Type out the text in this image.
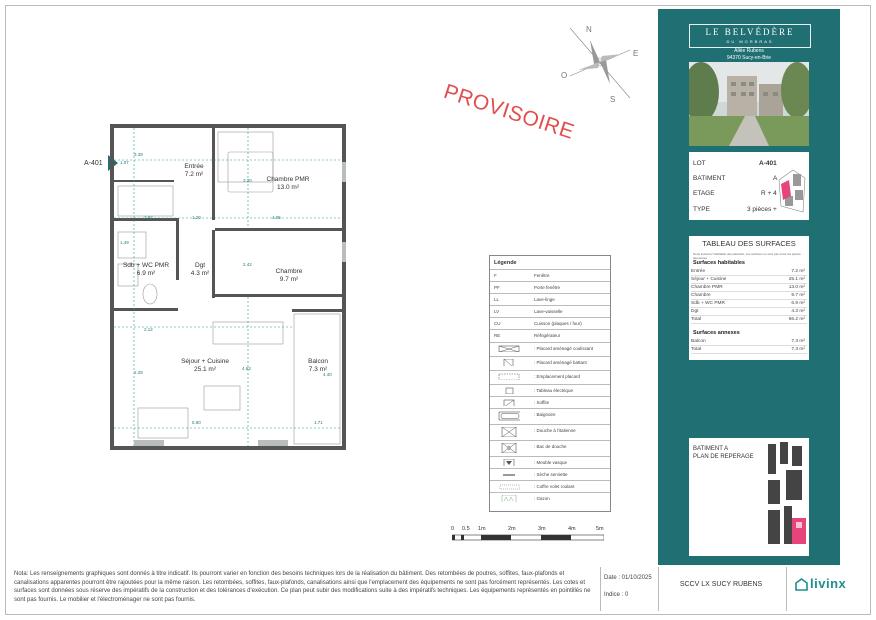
PROVISOIRE
N
E
S
O
A-401	Entrée
7.2 m²
Chambre PMR
13.0 m²
Sdb + WC PMR
6.9 m²
Dgt
4.3 m²	Chambre
9.7 m²
Séjour + Cuisine
25.1 m²
Balcon
7.3 m²
3.39
1.20	4.05
2.82
2.12
5.80	1.71
3.20
2.42
4.63
4.40
1.07
1.49
2.28
Légende
F	Fenêtre
PF	Porte fenêtre
LL	Lave-linge
LV	Lave-vaisselle
CU	Cuisson (plaques / four)
RE	Réfrigérateur
: Placard aménagé coulissant
: Placard aménagé battant
: Emplacement placard
: Tableau électrique
: Soffite
: Baignoire
: Douche à l'italienne
: Bac de douche
: Meuble vasque
: Sèche serviette
: Coffre volet roulant
: Gazon
0 0.5 1m	2m	3m	4m	5m
LE BELVÉDÈRE
DU MORBRAS
Allée Rubens
94370 Sucy-en-Brie
LOT	A-401
BATIMENT	A
ETAGE	R + 4
TYPE	3 pièces +
TABLEAU DES SURFACES
Nous incluons l'habitable des placards, ces surfaces ne sont pas entre les pièces attenantes
Surfaces habitables
Entrée	7.2 m²
Séjour + Cuisine	25.1 m²
Chambre PMR	13.0 m²
Chambre	9.7 m²
Sdb + WC PMR	6.9 m²
Dgt	4.3 m²
Total	66.2 m²
Surfaces annexes
Balcon	7.3 m²
Total	7.3 m²
BATIMENT A
PLAN DE REPERAGE
Nota: Les renseignements graphiques sont donnés à titre indicatif. Ils pourront varier en fonction des besoins techniques lors de la réalisation du bâtiment. Des retombées de poutres, soffites, faux-plafonds et canalisations apparentes pourront être rajoutées pour la même raison. Les retombées, soffites, faux-plafonds, canalisations ainsi que l'emplacement des équipements ne sont pas forcément représentés. Les cotes et surfaces sont données sous réserve des impératifs de la construction et des tolérances d'exécution. Ce plan peut subir des modifications suite à des impératifs techniques. Les équipements représentés en pointillés ne sont pas fournis. Le mobilier et l'électroménager ne sont pas fournis.
Date : 01/10/2025
Indice : 0
SCCV LX SUCY RUBENS	livinx
